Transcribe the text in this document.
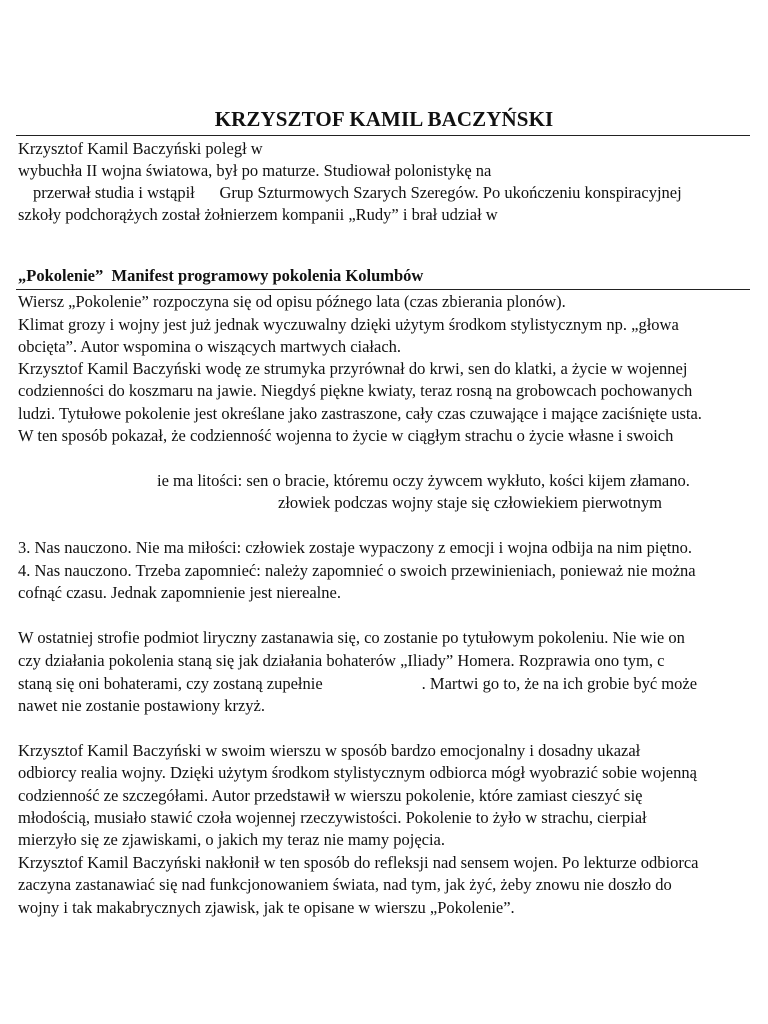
KRZYSZTOF KAMIL BACZYŃSKI

Krzysztof Kamil Baczyński poległ w

wybuchła II wojna światowa, był po maturze. Studiował polonistykę na

przerwał studia i wstąpił      Grup Szturmowych Szarych Szeregów. Po ukończeniu konspiracyjnej

szkoły podchorążych został żołnierzem kompanii „Rudy” i brał udział w

„Pokolenie”  Manifest programowy pokolenia Kolumbów

Wiersz „Pokolenie” rozpoczyna się od opisu późnego lata (czas zbierania plonów).

Klimat grozy i wojny jest już jednak wyczuwalny dzięki użytym środkom stylistycznym np. „głowa

obcięta”. Autor wspomina o wiszących martwych ciałach.

Krzysztof Kamil Baczyński wodę ze strumyka przyrównał do krwi, sen do klatki, a życie w wojennej

codzienności do koszmaru na jawie. Niegdyś piękne kwiaty, teraz rosną na grobowcach pochowanych

ludzi. Tytułowe pokolenie jest określane jako zastraszone, cały czas czuwające i mające zaciśnięte usta.

W ten sposób pokazał, że codzienność wojenna to życie w ciągłym strachu o życie własne i swoich

ie ma litości: sen o bracie, któremu oczy żywcem wykłuto, kości kijem złamano.

złowiek podczas wojny staje się człowiekiem pierwotnym

3. Nas nauczono. Nie ma miłości: człowiek zostaje wypaczony z emocji i wojna odbija na nim piętno.

4. Nas nauczono. Trzeba zapomnieć: należy zapomnieć o swoich przewinieniach, ponieważ nie można

cofnąć czasu. Jednak zapomnienie jest nierealne.

W ostatniej strofie podmiot liryczny zastanawia się, co zostanie po tytułowym pokoleniu. Nie wie on

czy działania pokolenia staną się jak działania bohaterów „Iliady” Homera. Rozprawia ono tym, c

staną się oni bohaterami, czy zostaną zupełnie                        . Martwi go to, że na ich grobie być może

nawet nie zostanie postawiony krzyż.

Krzysztof Kamil Baczyński w swoim wierszu w sposób bardzo emocjonalny i dosadny ukazał

odbiorcy realia wojny. Dzięki użytym środkom stylistycznym odbiorca mógł wyobrazić sobie wojenną

codzienność ze szczegółami. Autor przedstawił w wierszu pokolenie, które zamiast cieszyć się

młodością, musiało stawić czoła wojennej rzeczywistości. Pokolenie to żyło w strachu, cierpiał

mierzyło się ze zjawiskami, o jakich my teraz nie mamy pojęcia.

Krzysztof Kamil Baczyński nakłonił w ten sposób do refleksji nad sensem wojen. Po lekturze odbiorca

zaczyna zastanawiać się nad funkcjonowaniem świata, nad tym, jak żyć, żeby znowu nie doszło do

wojny i tak makabrycznych zjawisk, jak te opisane w wierszu „Pokolenie”.
